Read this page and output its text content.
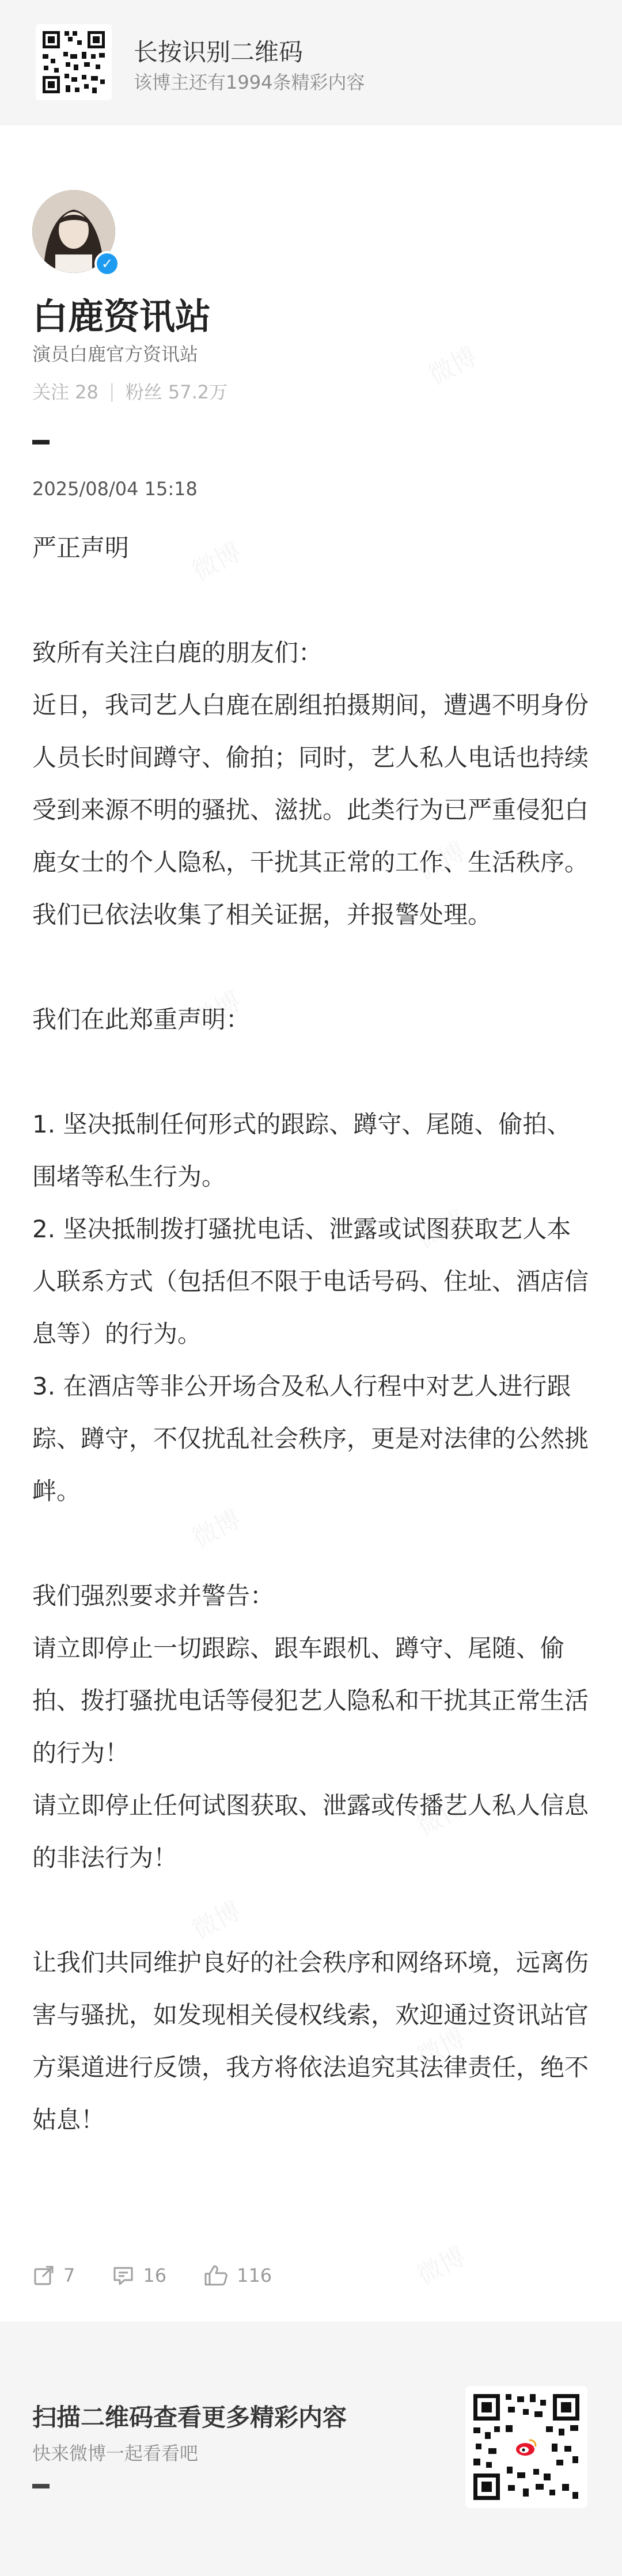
长按识别二维码
该博主还有1994条精彩内容
✓
白鹿资讯站
演员白鹿官方资讯站
关注 28 | 粉丝 57.2万
2025/08/04 15:18

严正声明

致所有关注白鹿的朋友们：

近日，我司艺人白鹿在剧组拍摄期间，遭遇不明身份人员长时间蹲守、偷拍；同时，艺人私人电话也持续受到来源不明的骚扰、滋扰。此类行为已严重侵犯白鹿女士的个人隐私，干扰其正常的工作、生活秩序。我们已依法收集了相关证据，并报警处理。

我们在此郑重声明：

1. 坚决抵制任何形式的跟踪、蹲守、尾随、偷拍、围堵等私生行为。

2. 坚决抵制拨打骚扰电话、泄露或试图获取艺人本人联系方式（包括但不限于电话号码、住址、酒店信息等）的行为。

3. 在酒店等非公开场合及私人行程中对艺人进行跟踪、蹲守，不仅扰乱社会秩序，更是对法律的公然挑衅。

我们强烈要求并警告：

请立即停止一切跟踪、跟车跟机、蹲守、尾随、偷拍、拨打骚扰电话等侵犯艺人隐私和干扰其正常生活的行为！

请立即停止任何试图获取、泄露或传播艺人私人信息的非法行为！

让我们共同维护良好的社会秩序和网络环境，远离伤害与骚扰，如发现相关侵权线索，欢迎通过资讯站官方渠道进行反馈，我方将依法追究其法律责任，绝不姑息！

7	16	116
扫描二维码查看更多精彩内容
快来微博一起看看吧
